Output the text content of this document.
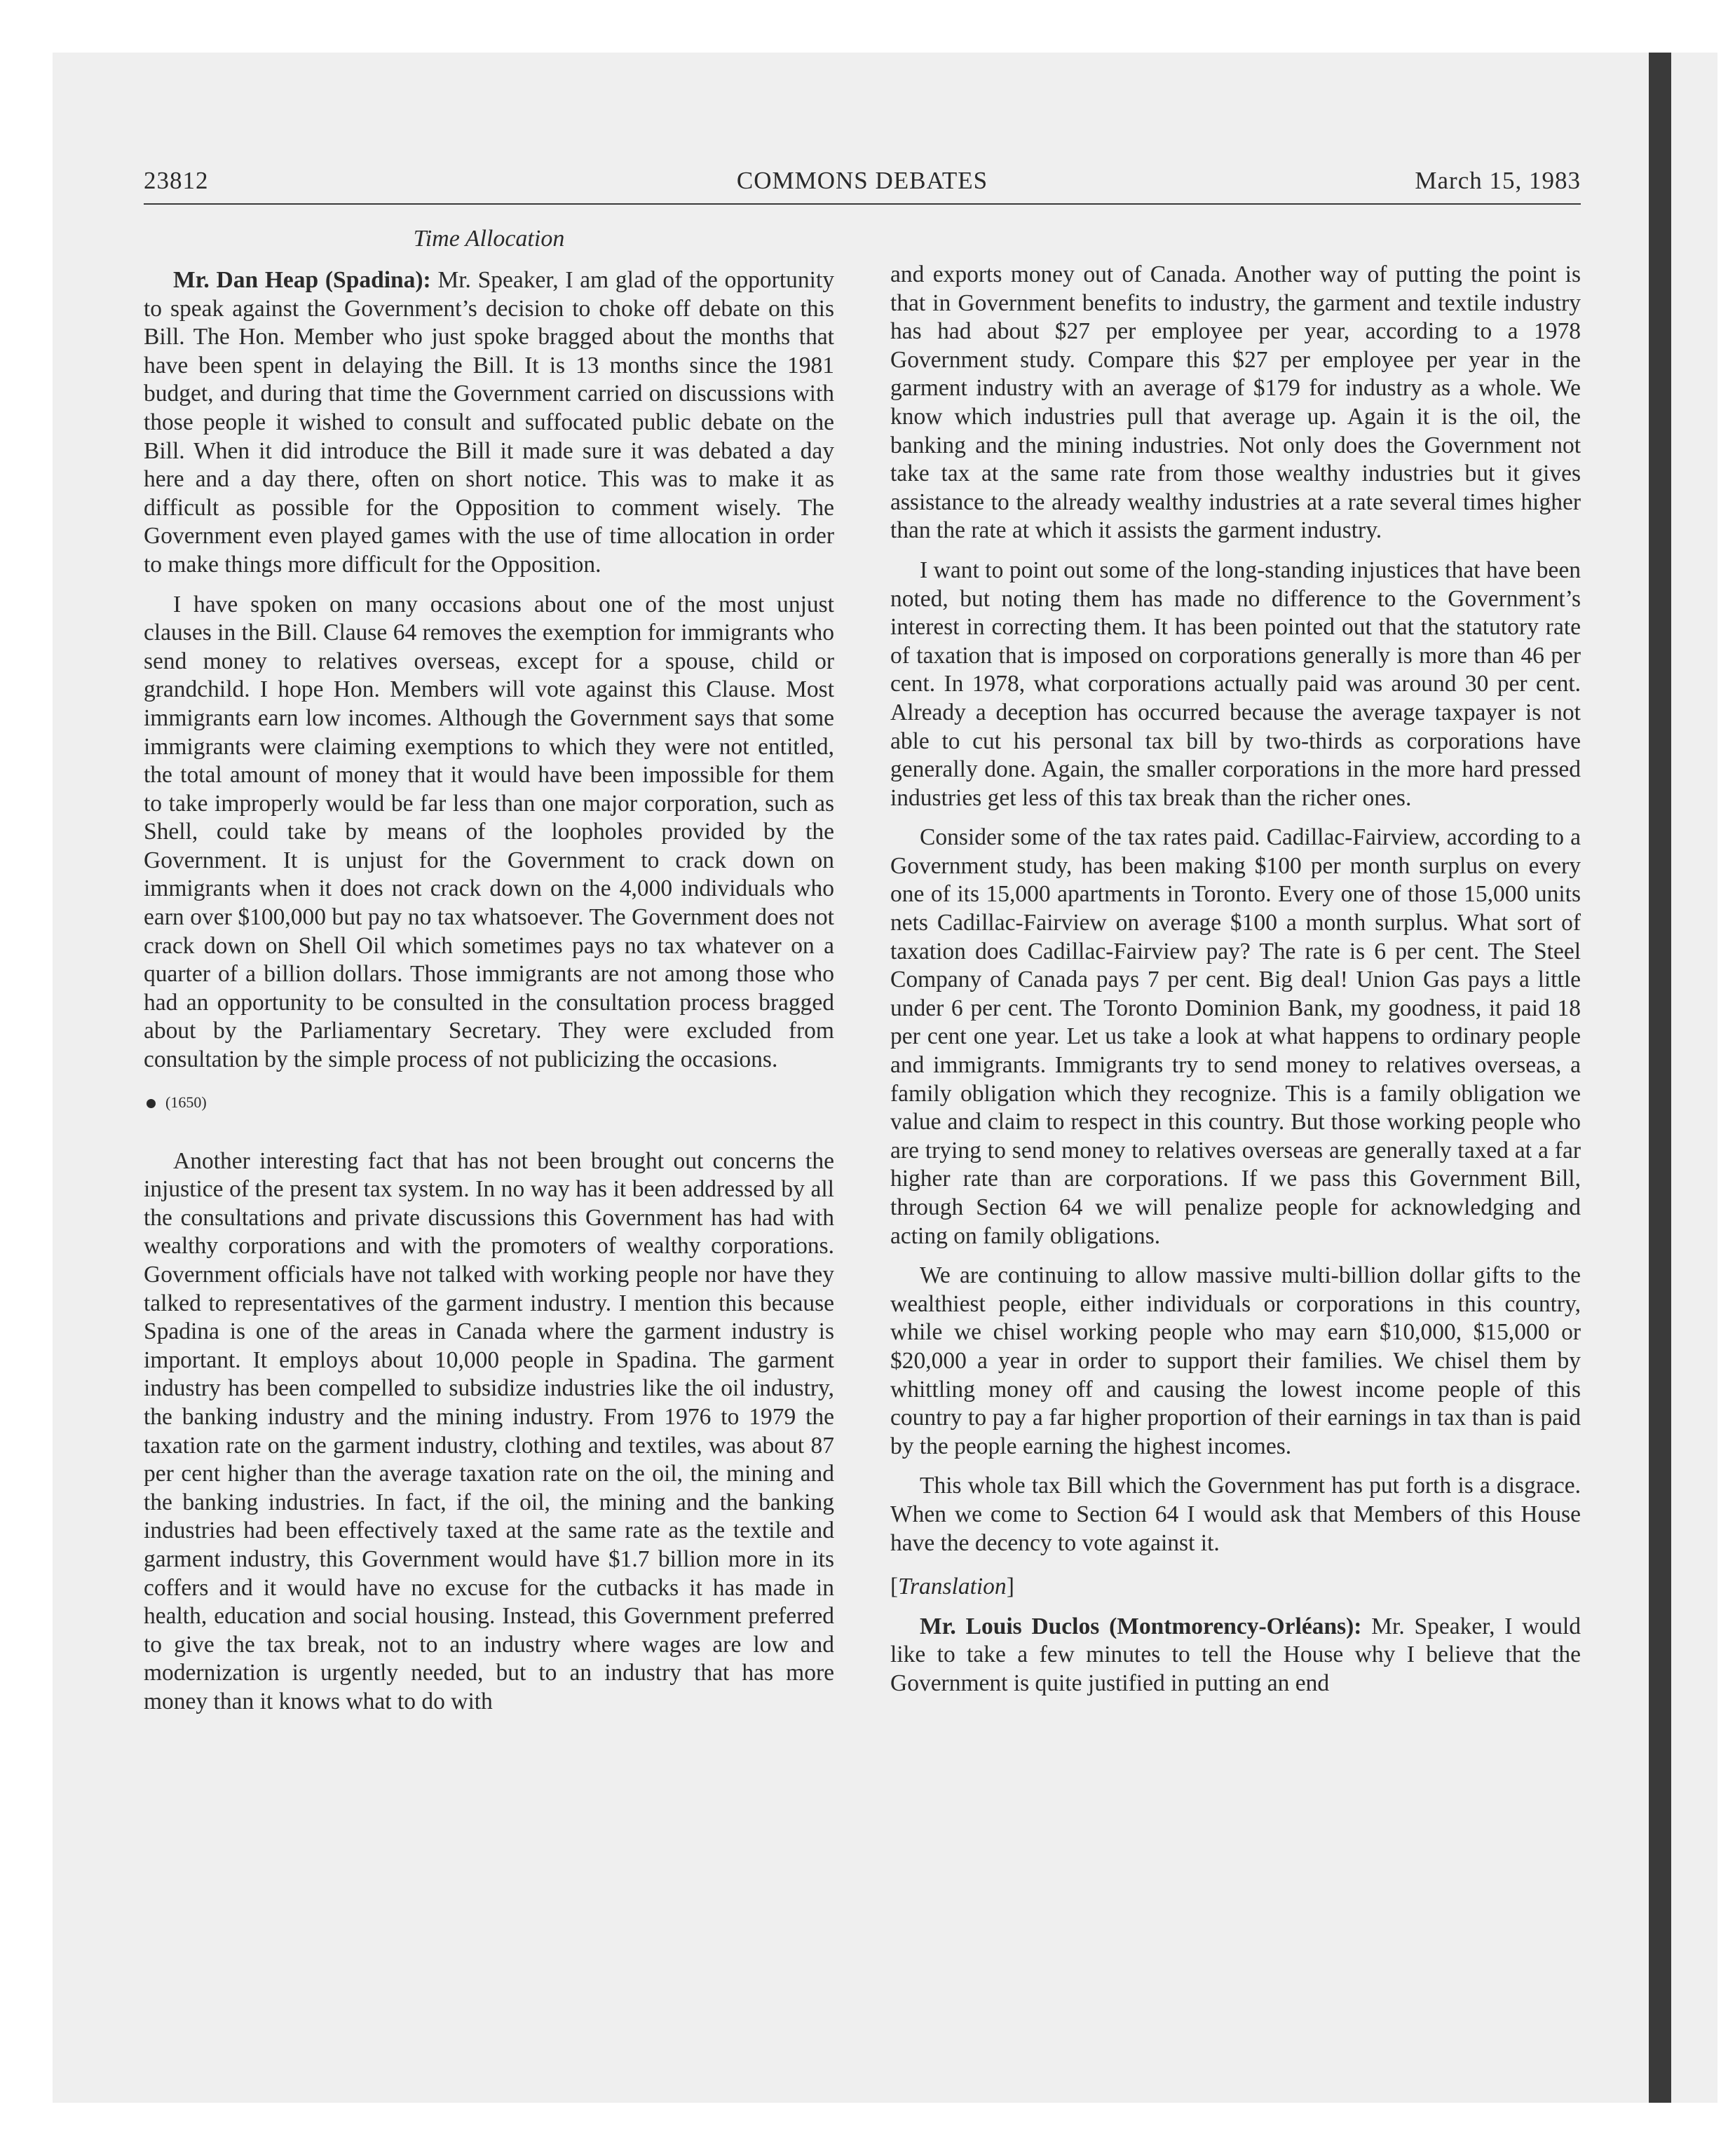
23812	COMMONS DEBATES	March 15, 1983
Time Allocation

Mr. Dan Heap (Spadina): Mr. Speaker, I am glad of the opportunity to speak against the Government’s decision to choke off debate on this Bill. The Hon. Member who just spoke bragged about the months that have been spent in delaying the Bill. It is 13 months since the 1981 budget, and during that time the Government carried on discussions with those people it wished to consult and suffocated public debate on the Bill. When it did introduce the Bill it made sure it was debated a day here and a day there, often on short notice. This was to make it as difficult as possible for the Opposition to comment wisely. The Government even played games with the use of time allocation in order to make things more difficult for the Opposition.

I have spoken on many occasions about one of the most unjust clauses in the Bill. Clause 64 removes the exemption for immigrants who send money to relatives overseas, except for a spouse, child or grandchild. I hope Hon. Members will vote against this Clause. Most immigrants earn low incomes. Although the Government says that some immigrants were claiming exemptions to which they were not entitled, the total amount of money that it would have been impossible for them to take improperly would be far less than one major corporation, such as Shell, could take by means of the loopholes provided by the Government. It is unjust for the Government to crack down on immigrants when it does not crack down on the 4,000 individuals who earn over $100,000 but pay no tax whatsoever. The Government does not crack down on Shell Oil which sometimes pays no tax whatever on a quarter of a billion dollars. Those immigrants are not among those who had an opportunity to be consulted in the consultation process bragged about by the Parliamentary Secretary. They were excluded from consultation by the simple process of not publicizing the occasions.

(1650)

Another interesting fact that has not been brought out concerns the injustice of the present tax system. In no way has it been addressed by all the consultations and private discussions this Government has had with wealthy corporations and with the promoters of wealthy corporations. Government officials have not talked with working people nor have they talked to representatives of the garment industry. I mention this because Spadina is one of the areas in Canada where the garment industry is important. It employs about 10,000 people in Spadina. The garment industry has been compelled to subsidize industries like the oil industry, the banking industry and the mining industry. From 1976 to 1979 the taxation rate on the garment industry, clothing and textiles, was about 87 per cent higher than the average taxation rate on the oil, the mining and the banking industries. In fact, if the oil, the mining and the banking industries had been effectively taxed at the same rate as the textile and garment industry, this Government would have $1.7 billion more in its coffers and it would have no excuse for the cutbacks it has made in health, education and social housing. Instead, this Government preferred to give the tax break, not to an industry where wages are low and modernization is urgently needed, but to an industry that has more money than it knows what to do with

and exports money out of Canada. Another way of putting the point is that in Government benefits to industry, the garment and textile industry has had about $27 per employee per year, according to a 1978 Government study. Compare this $27 per employee per year in the garment industry with an average of $179 for industry as a whole. We know which industries pull that average up. Again it is the oil, the banking and the mining industries. Not only does the Government not take tax at the same rate from those wealthy industries but it gives assistance to the already wealthy industries at a rate several times higher than the rate at which it assists the garment industry.

I want to point out some of the long-standing injustices that have been noted, but noting them has made no difference to the Government’s interest in correcting them. It has been pointed out that the statutory rate of taxation that is imposed on corporations generally is more than 46 per cent. In 1978, what corporations actually paid was around 30 per cent. Already a deception has occurred because the average taxpayer is not able to cut his personal tax bill by two-thirds as corporations have generally done. Again, the smaller corporations in the more hard pressed industries get less of this tax break than the richer ones.

Consider some of the tax rates paid. Cadillac-Fairview, according to a Government study, has been making $100 per month surplus on every one of its 15,000 apartments in Toronto. Every one of those 15,000 units nets Cadillac-Fairview on average $100 a month surplus. What sort of taxation does Cadillac-Fairview pay? The rate is 6 per cent. The Steel Company of Canada pays 7 per cent. Big deal! Union Gas pays a little under 6 per cent. The Toronto Dominion Bank, my goodness, it paid 18 per cent one year. Let us take a look at what happens to ordinary people and immigrants. Immigrants try to send money to relatives overseas, a family obligation which they recognize. This is a family obligation we value and claim to respect in this country. But those working people who are trying to send money to relatives overseas are generally taxed at a far higher rate than are corporations. If we pass this Government Bill, through Section 64 we will penalize people for acknowledging and acting on family obligations.

We are continuing to allow massive multi-billion dollar gifts to the wealthiest people, either individuals or corporations in this country, while we chisel working people who may earn $10,000, $15,000 or $20,000 a year in order to support their families. We chisel them by whittling money off and causing the lowest income people of this country to pay a far higher proportion of their earnings in tax than is paid by the people earning the highest incomes.

This whole tax Bill which the Government has put forth is a disgrace. When we come to Section 64 I would ask that Members of this House have the decency to vote against it.

[Translation]

Mr. Louis Duclos (Montmorency-Orléans): Mr. Speaker, I would like to take a few minutes to tell the House why I believe that the Government is quite justified in putting an end
